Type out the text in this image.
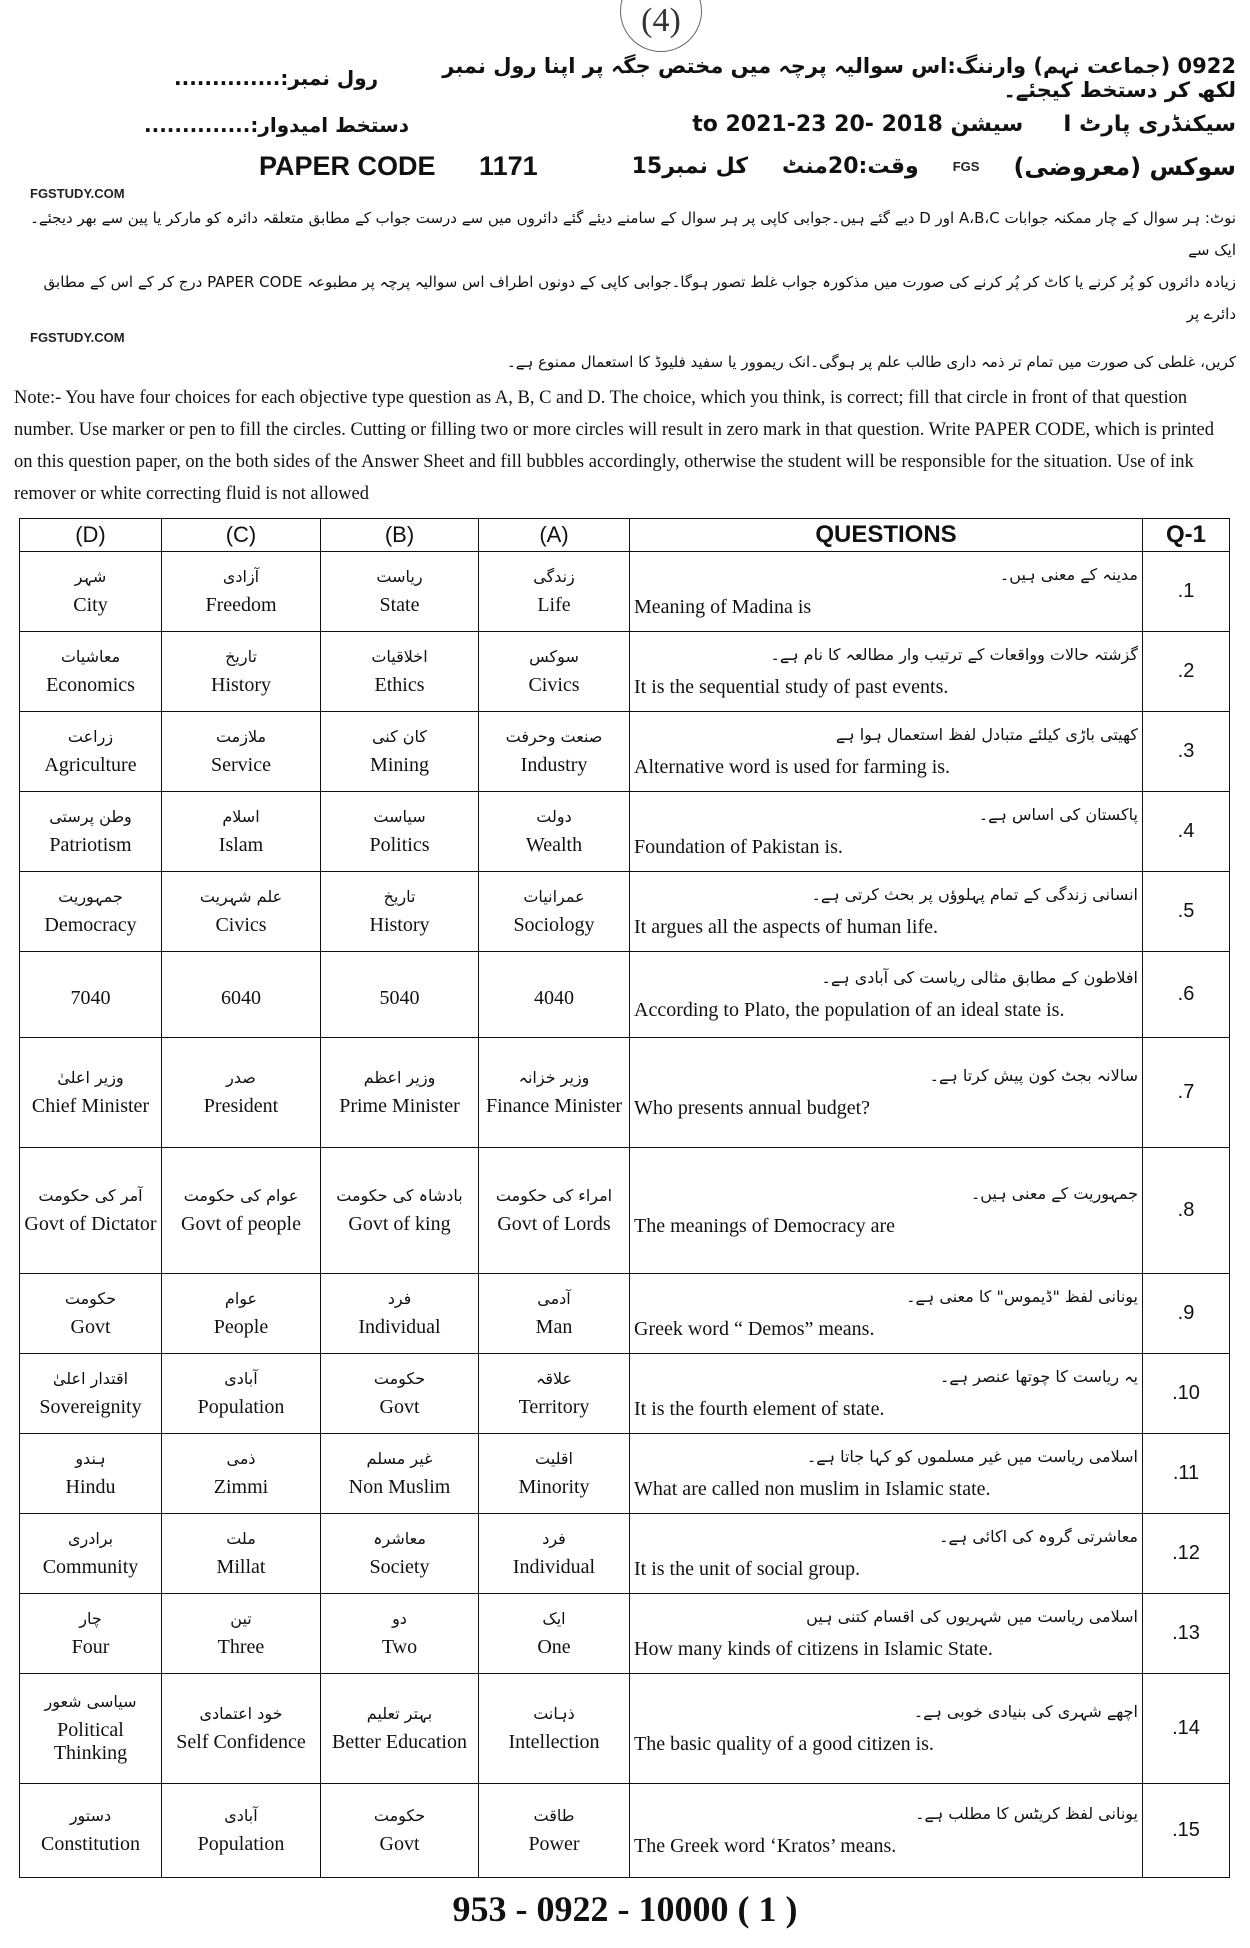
(4)
رول نمبر:..............	0922 (جماعت نہم) وارننگ:اس سوالیہ پرچہ میں مختص جگہ پر اپنا رول نمبر لکھ کر دستخط کیجئے۔
دستخط امیدوار:..............	سیکنڈری پارٹ I
سیشن 2018 -20 to 2021-23
سوکس (معروضی)
FGS
وقت:20منٹ
کل نمبر15
PAPER CODE 1171
FGSTUDY.COM
نوٹ: ہر سوال کے چار ممکنہ جوابات A،B،C اور D دیے گئے ہیں۔جوابی کاپی پر ہر سوال کے سامنے دیئے گئے دائروں میں سے درست جواب کے مطابق متعلقہ دائرہ کو مارکر یا پین سے بھر دیجئے۔ایک سے
زیادہ دائروں کو پُر کرنے یا کاٹ کر پُر کرنے کی صورت میں مذکورہ جواب غلط تصور ہوگا۔جوابی کاپی کے دونوں اطراف اس سوالیہ پرچہ پر مطبوعہ PAPER CODE درج کر کے اس کے مطابق دائرے پر
FGSTUDY.COM
کریں، غلطی کی صورت میں تمام تر ذمہ داری طالب علم پر ہوگی۔انک ریموور یا سفید فلیوڈ کا استعمال ممنوع ہے۔
Note:- You have four choices for each objective type question as A, B, C and D. The choice, which you think, is correct; fill that circle in front of that question number. Use marker or pen to fill the circles. Cutting or filling two or more circles will result in zero mark in that question. Write PAPER CODE, which is printed on this question paper, on the both sides of the Answer Sheet and fill bubbles accordingly, otherwise the student will be responsible for the situation. Use of ink remover or white correcting fluid is not allowed
(D)	(C)	(B)	(A)	QUESTIONS	Q-1

شہر
City	آزادی
Freedom	ریاست
State	زندگی
Life	مدینہ کے معنی ہیں۔
Meaning of Madina is	.1

معاشیات
Economics	تاریخ
History	اخلاقیات
Ethics	سوکس
Civics	گزشتہ حالات وواقعات کے ترتیب وار مطالعہ کا نام ہے۔
It is the sequential study of past events.	.2

زراعت
Agriculture	ملازمت
Service	کان کنی
Mining	صنعت وحرفت
Industry	کھیتی باڑی کیلئے متبادل لفظ استعمال ہوا ہے
Alternative word is used for farming is.	.3

وطن پرستی
Patriotism	اسلام
Islam	سیاست
Politics	دولت
Wealth	پاکستان کی اساس ہے۔
Foundation of Pakistan is.	.4

جمہوریت
Democracy	علم شہریت
Civics	تاریخ
History	عمرانیات
Sociology	انسانی زندگی کے تمام پہلوؤں پر بحث کرتی ہے۔
It argues all the aspects of human life.	.5

7040	6040	5040	4040	افلاطون کے مطابق مثالی ریاست کی آبادی ہے۔
According to Plato, the population of an ideal state is.	.6

وزیر اعلیٰ
Chief Minister	صدر
President	وزیر اعظم
Prime Minister	وزیر خزانہ
Finance Minister	سالانہ بجٹ کون پیش کرتا ہے۔
Who presents annual budget?	.7

آمر کی حکومت
Govt of Dictator	عوام کی حکومت
Govt of people	بادشاہ کی حکومت
Govt of king	امراء کی حکومت
Govt of Lords	جمہوریت کے معنی ہیں۔
The meanings of Democracy are	.8

حکومت
Govt	عوام
People	فرد
Individual	آدمی
Man	یونانی لفظ "ڈیموس" کا معنی ہے۔
Greek word “ Demos” means.	.9

اقتدار اعلیٰ
Sovereignity	آبادی
Population	حکومت
Govt	علاقہ
Territory	یہ ریاست کا چوتھا عنصر ہے۔
It is the fourth element of state.	.10

ہندو
Hindu	ذمی
Zimmi	غیر مسلم
Non Muslim	اقلیت
Minority	اسلامی ریاست میں غیر مسلموں کو کہا جاتا ہے۔
What are called non muslim in Islamic state.	.11

برادری
Community	ملت
Millat	معاشرہ
Society	فرد
Individual	معاشرتی گروہ کی اکائی ہے۔
It is the unit of social group.	.12

چار
Four	تین
Three	دو
Two	ایک
One	اسلامی ریاست میں شہریوں کی اقسام کتنی ہیں
How many kinds of citizens in Islamic State.	.13

سیاسی شعور
Political Thinking	خود اعتمادی
Self Confidence	بہتر تعلیم
Better Education	ذہانت
Intellection	اچھے شہری کی بنیادی خوبی ہے۔
The basic quality of a good citizen is.	.14

دستور
Constitution	آبادی
Population	حکومت
Govt	طاقت
Power	یونانی لفظ کریٹس کا مطلب ہے۔
The Greek word ‘Kratos’ means.	.15
953 - 0922 - 10000 ( 1 )
